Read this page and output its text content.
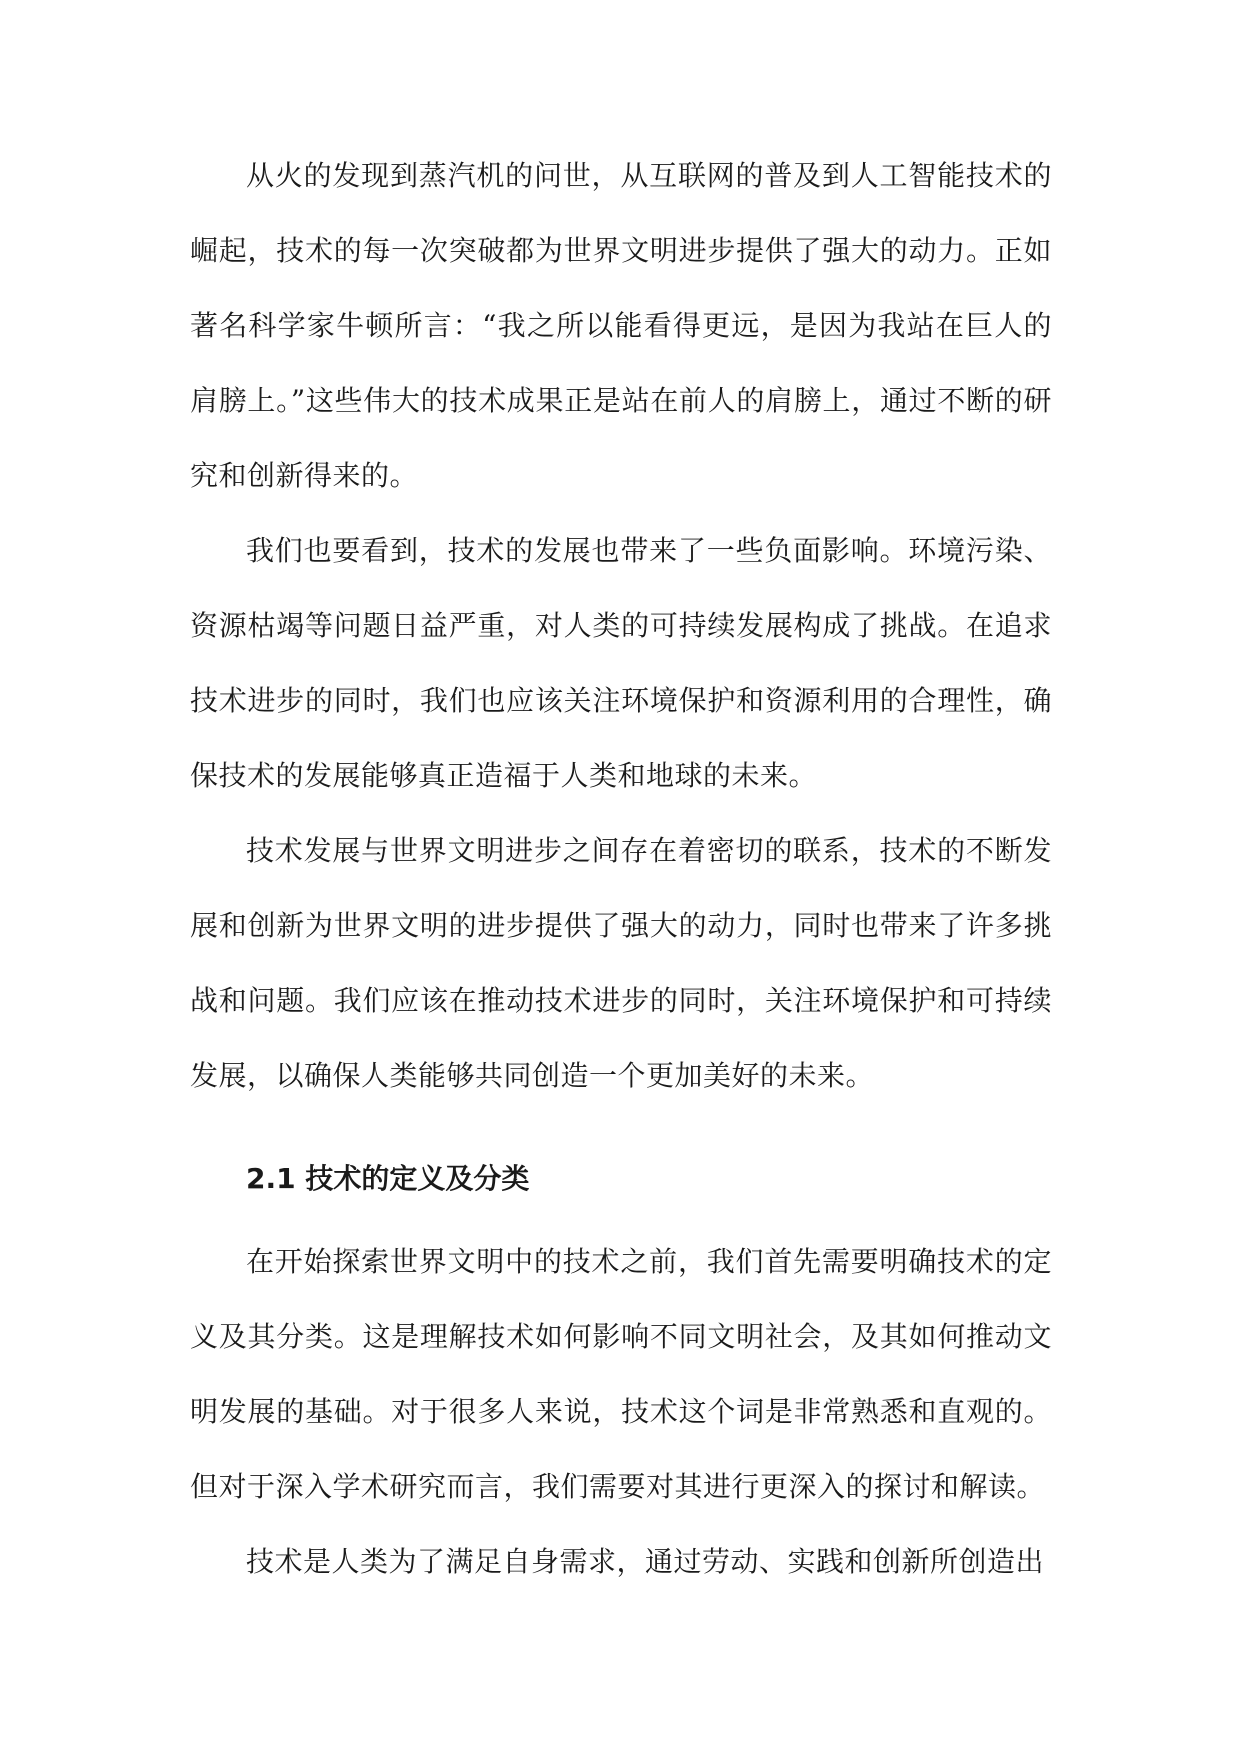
从火的发现到蒸汽机的问世，从互联网的普及到人工智能技术的崛起，技术的每一次突破都为世界文明进步提供了强大的动力。正如著名科学家牛顿所言：“我之所以能看得更远，是因为我站在巨人的肩膀上。”这些伟大的技术成果正是站在前人的肩膀上，通过不断的研究和创新得来的。

我们也要看到，技术的发展也带来了一些负面影响。环境污染、资源枯竭等问题日益严重，对人类的可持续发展构成了挑战。在追求技术进步的同时，我们也应该关注环境保护和资源利用的合理性，确保技术的发展能够真正造福于人类和地球的未来。

技术发展与世界文明进步之间存在着密切的联系，技术的不断发展和创新为世界文明的进步提供了强大的动力，同时也带来了许多挑战和问题。我们应该在推动技术进步的同时，关注环境保护和可持续发展，以确保人类能够共同创造一个更加美好的未来。

2.1 技术的定义及分类

在开始探索世界文明中的技术之前，我们首先需要明确技术的定义及其分类。这是理解技术如何影响不同文明社会，及其如何推动文明发展的基础。对于很多人来说，技术这个词是非常熟悉和直观的。但对于深入学术研究而言，我们需要对其进行更深入的探讨和解读。

技术是人类为了满足自身需求，通过劳动、实践和创新所创造出
